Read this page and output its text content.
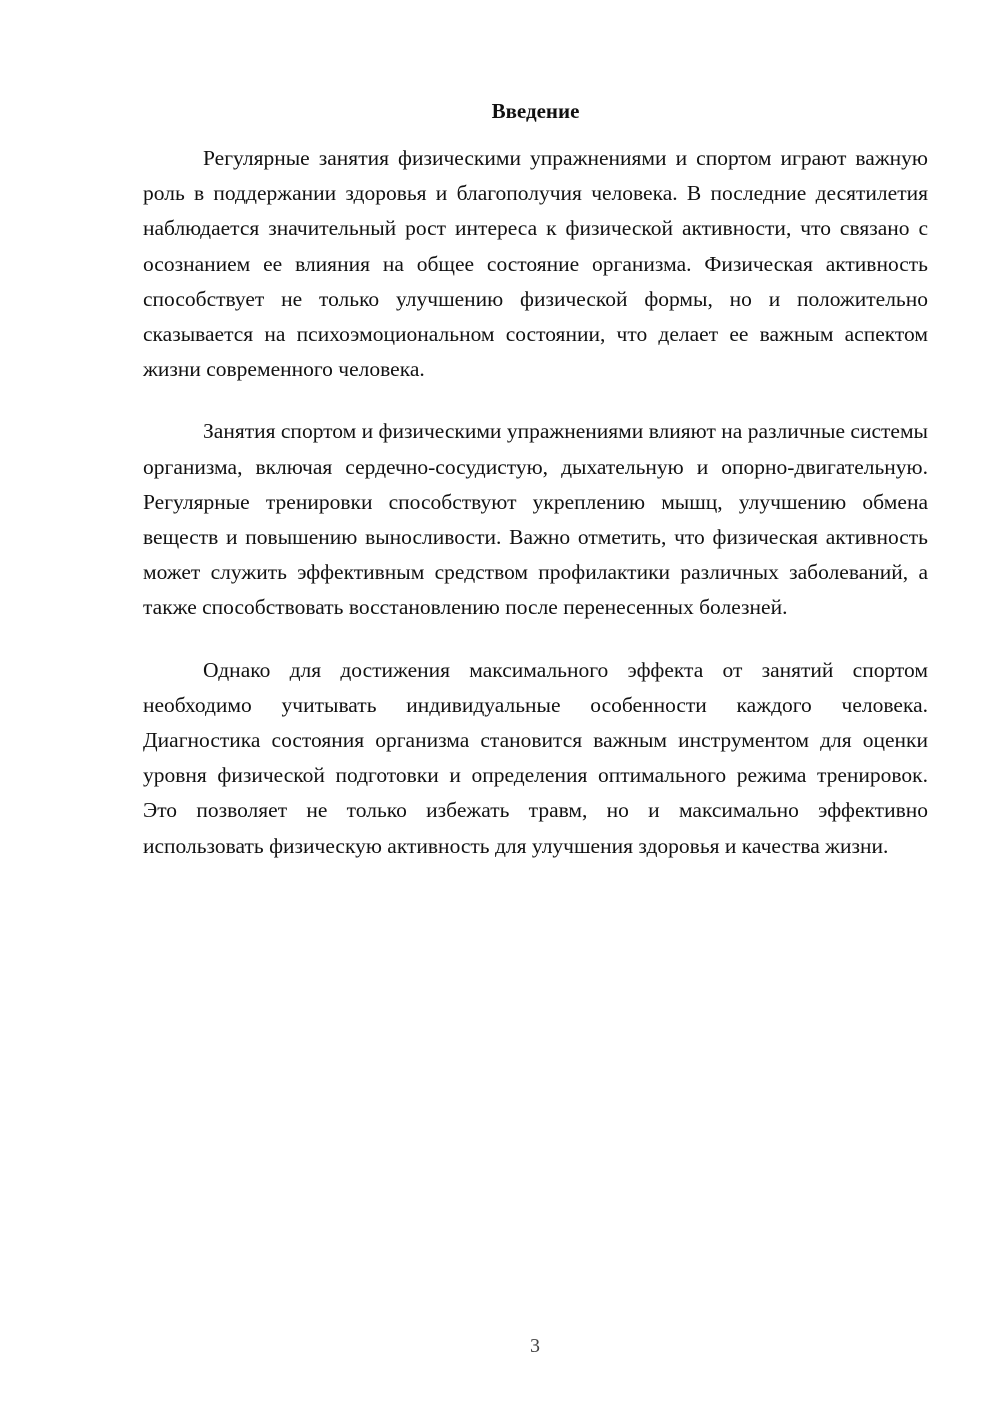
Введение

Регулярные занятия физическими упражнениями и спортом играют важную роль в поддержании здоровья и благополучия человека. В последние десятилетия наблюдается значительный рост интереса к физической активности, что связано с осознанием ее влияния на общее состояние организма. Физическая активность способствует не только улучшению физической формы, но и положительно сказывается на психоэмоциональном состоянии, что делает ее важным аспектом жизни современного человека.

Занятия спортом и физическими упражнениями влияют на различные системы организма, включая сердечно-сосудистую, дыхательную и опорно-двигательную. Регулярные тренировки способствуют укреплению мышц, улучшению обмена веществ и повышению выносливости. Важно отметить, что физическая активность может служить эффективным средством профилактики различных заболеваний, а также способствовать восстановлению после перенесенных болезней.

Однако для достижения максимального эффекта от занятий спортом необходимо учитывать индивидуальные особенности каждого человека. Диагностика состояния организма становится важным инструментом для оценки уровня физической подготовки и определения оптимального режима тренировок. Это позволяет не только избежать травм, но и максимально эффективно использовать физическую активность для улучшения здоровья и качества жизни.

3
